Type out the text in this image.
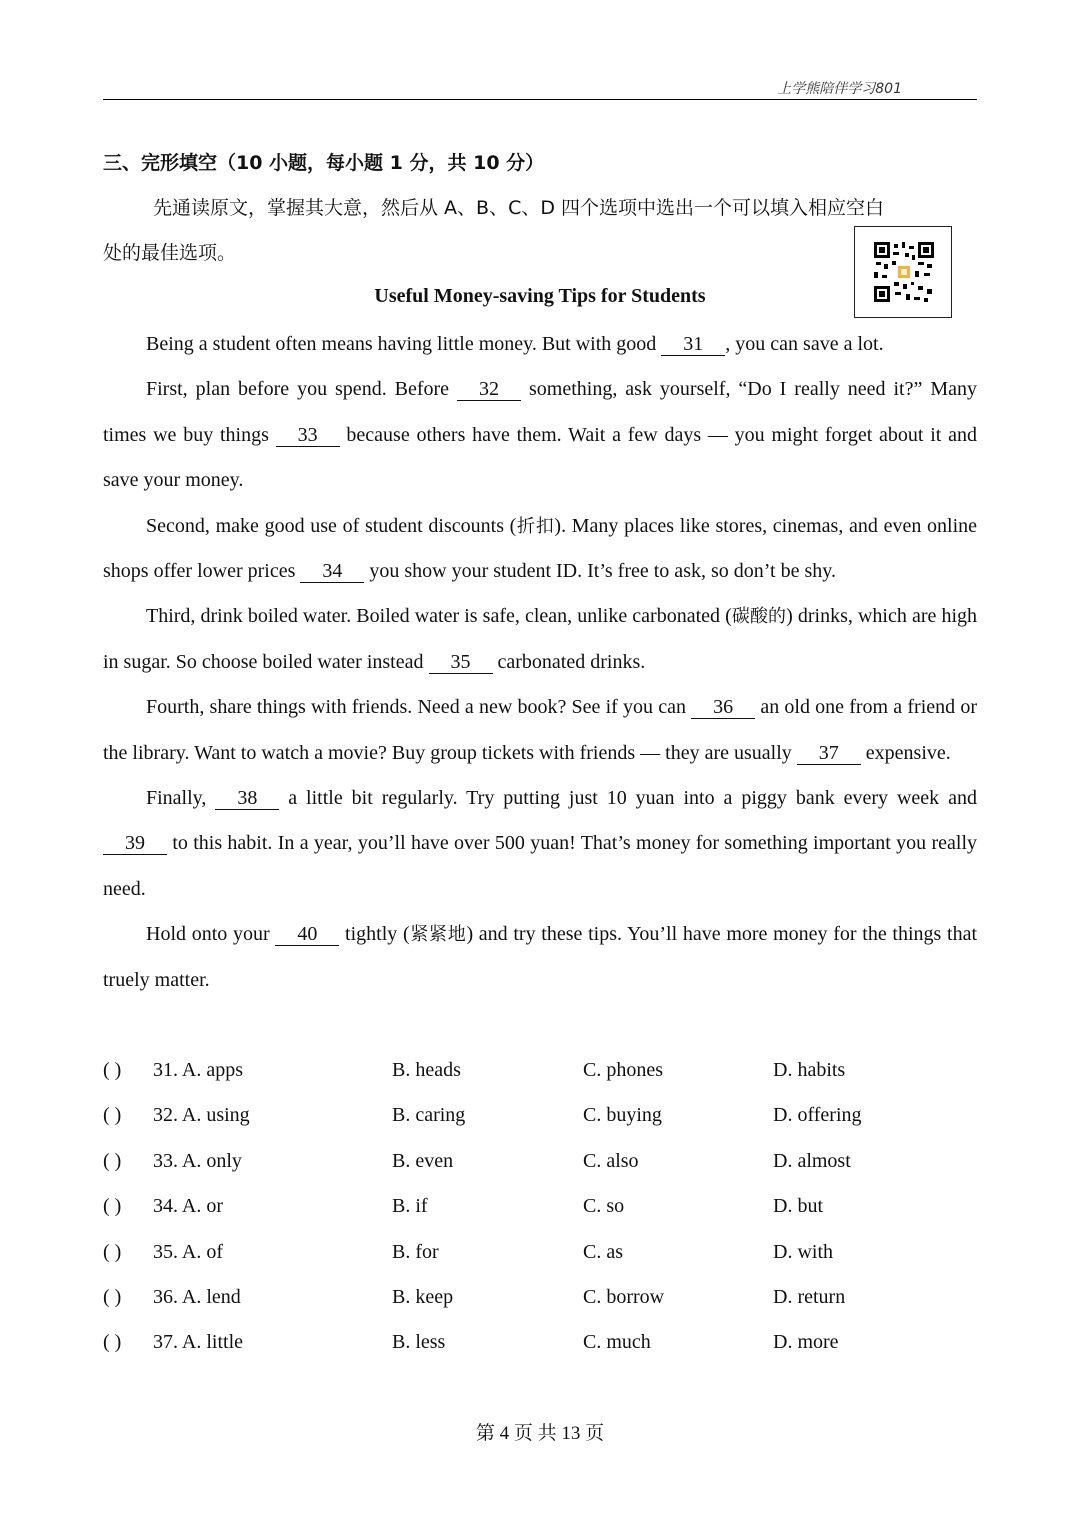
上学熊陪伴学习801
三、完形填空（10 小题，每小题 1 分，共 10 分）

先通读原文，掌握其大意，然后从 A、B、C、D 四个选项中选出一个可以填入相应空白

处的最佳选项。

Useful Money-saving Tips for Students

Being a student often means having little money. But with good 31 , you can save a lot.

First, plan before you spend. Before 32 something, ask yourself, “Do I really need it?” Many times we buy things 33 because others have them. Wait a few days — you might forget about it and save your money.

Second, make good use of student discounts (折扣). Many places like stores, cinemas, and even online shops offer lower prices 34 you show your student ID. It’s free to ask, so don’t be shy.

Third, drink boiled water. Boiled water is safe, clean, unlike carbonated (碳酸的) drinks, which are high in sugar. So choose boiled water instead 35 carbonated drinks.

Fourth, share things with friends. Need a new book? See if you can 36 an old one from a friend or the library. Want to watch a movie? Buy group tickets with friends — they are usually 37 expensive.

Finally, 38 a little bit regularly. Try putting just 10 yuan into a piggy bank every week and 39 to this habit. In a year, you’ll have over 500 yuan! That’s money for something important you really need.

Hold onto your 40 tightly (紧紧地) and try these tips. You’ll have more money for the things that truely matter.

( ) 31. A. apps	B. heads	C. phones	D. habits
( ) 32. A. using	B. caring	C. buying	D. offering
( ) 33. A. only	B. even	C. also	D. almost
( ) 34. A. or	B. if	C. so	D. but
( ) 35. A. of	B. for	C. as	D. with
( ) 36. A. lend	B. keep	C. borrow	D. return
( ) 37. A. little	B. less	C. much	D. more
第 4 页 共 13 页
